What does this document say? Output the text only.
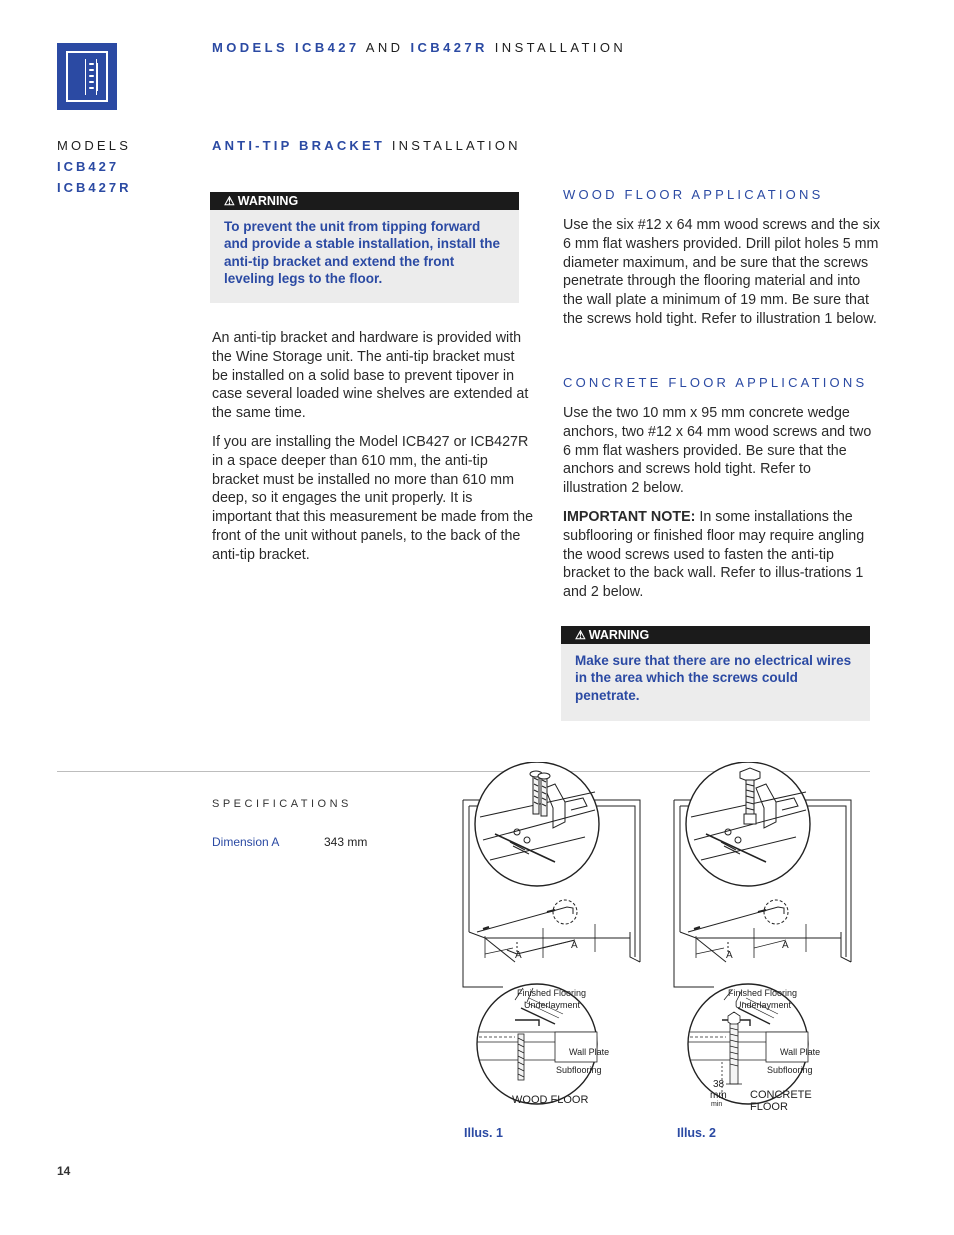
MODELS ICB427 AND ICB427R INSTALLATION
MODELS
ICB427
ICB427R
ANTI-TIP BRACKET INSTALLATION
⚠ WARNING
To prevent the unit from tipping forward and provide a stable installation, install the anti-tip bracket and extend the front leveling legs to the floor.

An anti-tip bracket and hardware is provided with the Wine Storage unit. The anti-tip bracket must be installed on a solid base to prevent tipover in case several loaded wine shelves are extended at the same time.

If you are installing the Model ICB427 or ICB427R in a space deeper than 610 mm, the anti-tip bracket must be installed no more than 610 mm deep, so it engages the unit properly. It is important that this measurement be made from the front of the unit without panels, to the back of the anti-tip bracket.

WOOD FLOOR APPLICATIONS

Use the six #12 x 64 mm wood screws and the six 6 mm flat washers provided. Drill pilot holes 5 mm diameter maximum, and be sure that the screws penetrate through the flooring material and into the wall plate a minimum of 19 mm. Be sure that the screws hold tight. Refer to illustration 1 below.

CONCRETE FLOOR APPLICATIONS

Use the two 10 mm x 95 mm concrete wedge anchors, two #12 x 64 mm wood screws and two 6 mm flat washers provided. Be sure that the anchors and screws hold tight. Refer to illustration 2 below.

IMPORTANT NOTE: In some installations the subflooring or finished floor may require angling the wood screws used to fasten the anti-tip bracket to the back wall. Refer to illus-trations 1 and 2 below.

⚠ WARNING
Make sure that there are no electrical wires in the area which the screws could penetrate.
SPECIFICATIONS
Dimension A	343 mm
A
A
Finished Flooring
Underlayment
Wall Plate
Subflooring
WOOD FLOOR
Illus. 1
A
A
Finished Flooring
Underlayment
Wall Plate
Subflooring
38
mm
min
CONCRETE
FLOOR
Illus. 2
14
